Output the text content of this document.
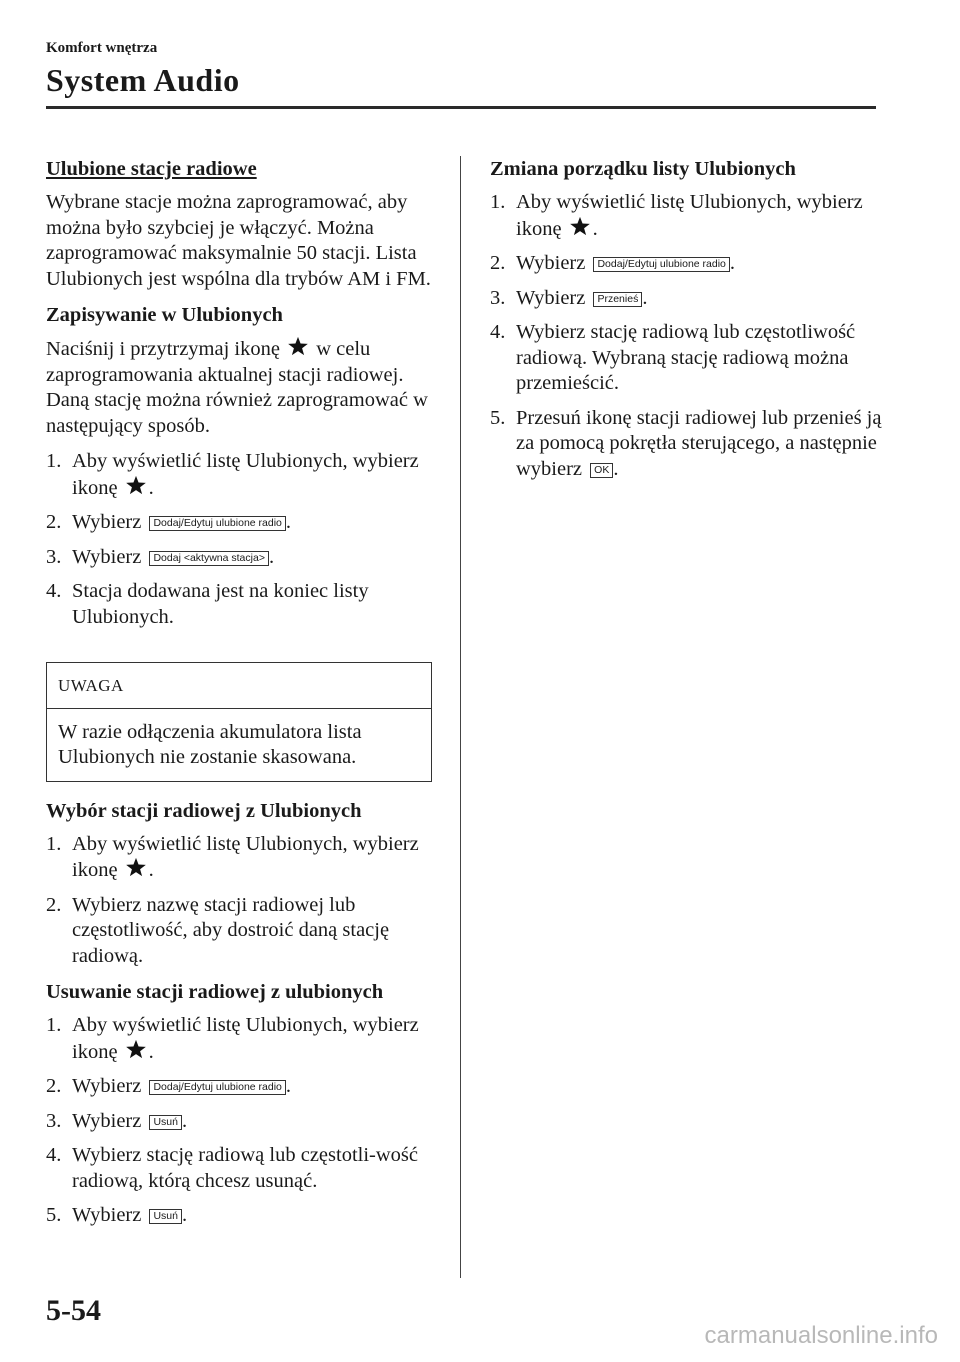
Komfort wnętrza
System Audio
Ulubione stacje radiowe

Wybrane stacje można zaprogramować, aby można było szybciej je włączyć. Można zaprogramować maksymalnie 50 stacji. Lista Ulubionych jest wspólna dla trybów AM i FM.

Zapisywanie w Ulubionych

Naciśnij i przytrzymaj ikonę w celu zaprogramowania aktualnej stacji radiowej. Daną stację można również zaprogramować w następujący sposób.

1. Aby wyświetlić listę Ulubionych, wybierz ikonę .
2. Wybierz Dodaj/Edytuj ulubione radio .
3. Wybierz Dodaj <aktywna stacja> .
4. Stacja dodawana jest na koniec listy Ulubionych.
UWAGA
W razie odłączenia akumulatora lista Ulubionych nie zostanie skasowana.
Wybór stacji radiowej z Ulubionych
1. Aby wyświetlić listę Ulubionych, wybierz ikonę .
2. Wybierz nazwę stacji radiowej lub częstotliwość, aby dostroić daną stację radiową.
Usuwanie stacji radiowej z ulubionych
1. Aby wyświetlić listę Ulubionych, wybierz ikonę .
2. Wybierz Dodaj/Edytuj ulubione radio .
3. Wybierz Usuń .
4. Wybierz stację radiową lub częstotli-wość radiową, którą chcesz usunąć.
5. Wybierz Usuń .
Zmiana porządku listy Ulubionych
1. Aby wyświetlić listę Ulubionych, wybierz ikonę .
2. Wybierz Dodaj/Edytuj ulubione radio .
3. Wybierz Przenieś .
4. Wybierz stację radiową lub częstotliwość radiową. Wybraną stację radiową można przemieścić.
5. Przesuń ikonę stacji radiowej lub przenieś ją za pomocą pokrętła sterującego, a następnie wybierz OK .
5-54
carmanualsonline.info
